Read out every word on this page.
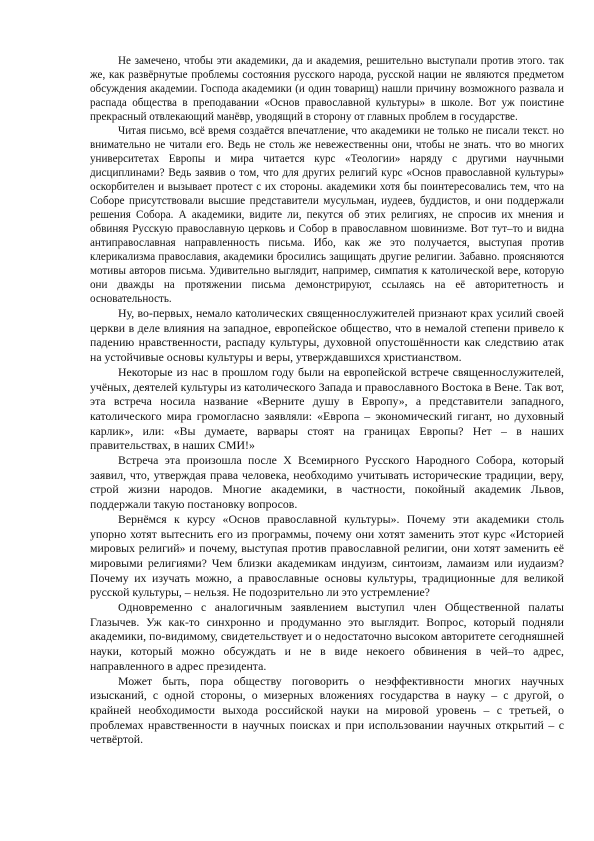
Не замечено, чтобы эти академики, да и академия, решительно выступали против этого. так же, как развёрнутые проблемы состояния русского народа, русской нации не являются предметом обсуждения академии. Господа академики (и один товарищ) нашли причину возможного развала и распада общества в преподавании «Основ православной культуры» в школе. Вот уж поистине прекрасный отвлекающий манёвр, уводящий в сторону от главных проблем в государстве.

Читая письмо, всё время создаётся впечатление, что академики не только не писали текст. но внимательно не читали его. Ведь не столь же невежественны они, чтобы не знать. что во многих университетах Европы и мира читается курс «Теологии» наряду с другими научными дисциплинами? Ведь заявив о том, что для других религий курс «Основ православной культуры» оскорбителен и вызывает протест с их стороны. академики хотя бы поинтересовались тем, что на Соборе присутствовали высшие представители мусульман, иудеев, буддистов, и они поддержали решения Собора. А академики, видите ли, пекутся об этих религиях, не спросив их мнения и обвиняя Русскую православную церковь и Собор в православном шовинизме. Вот тут–то и видна антиправославная направленность письма. Ибо, как же это получается, выступая против клерикализма православия, академики бросились защищать другие религии. Забавно. проясняются мотивы авторов письма. Удивительно выглядит, например, симпатия к католической вере, которую они дважды на протяжении письма демонстрируют, ссылаясь на её авторитетность и основательность.

Ну, во-первых, немало католических священнослужителей признают крах усилий своей церкви в деле влияния на западное, европейское общество, что в немалой степени привело к падению нравственности, распаду культуры, духовной опустошённости как следствию атак на устойчивые основы культуры и веры, утверждавшихся христианством.

Некоторые из нас в прошлом году были на европейской встрече священнослужителей, учёных, деятелей культуры из католического Запада и православного Востока в Вене. Так вот, эта встреча носила название «Верните душу в Европу», а представители западного, католического мира громогласно заявляли: «Европа – экономический гигант, но духовный карлик», или: «Вы думаете, варвары стоят на границах Европы? Нет – в наших правительствах, в наших СМИ!»

Встреча эта произошла после Х Всемирного Русского Народного Собора, который заявил, что, утверждая права человека, необходимо учитывать исторические традиции, веру, строй жизни народов. Многие академики, в частности, покойный академик Львов, поддержали такую постановку вопросов.

Вернёмся к курсу «Основ православной культуры». Почему эти академики столь упорно хотят вытеснить его из программы, почему они хотят заменить этот курс «Историей мировых религий» и почему, выступая против православной религии, они хотят заменить её мировыми религиями? Чем близки академикам индуизм, синтоизм, ламаизм или иудаизм? Почему их изучать можно, а православные основы культуры, традиционные для великой русской культуры, – нельзя. Не подозрительно ли это устремление?

Одновременно с аналогичным заявлением выступил член Общественной палаты Глазычев. Уж как-то синхронно и продуманно это выглядит. Вопрос, который подняли академики, по-видимому, свидетельствует и о недостаточно высоком авторитете сегодняшней науки, который можно обсуждать и не в виде некоего обвинения в чей–то адрес, направленного в адрес президента.

Может быть, пора обществу поговорить о неэффективности многих научных изысканий, с одной стороны, о мизерных вложениях государства в науку – с другой, о крайней необходимости выхода российской науки на мировой уровень – с третьей, о проблемах нравственности в научных поисках и при использовании научных открытий – с четвёртой.
